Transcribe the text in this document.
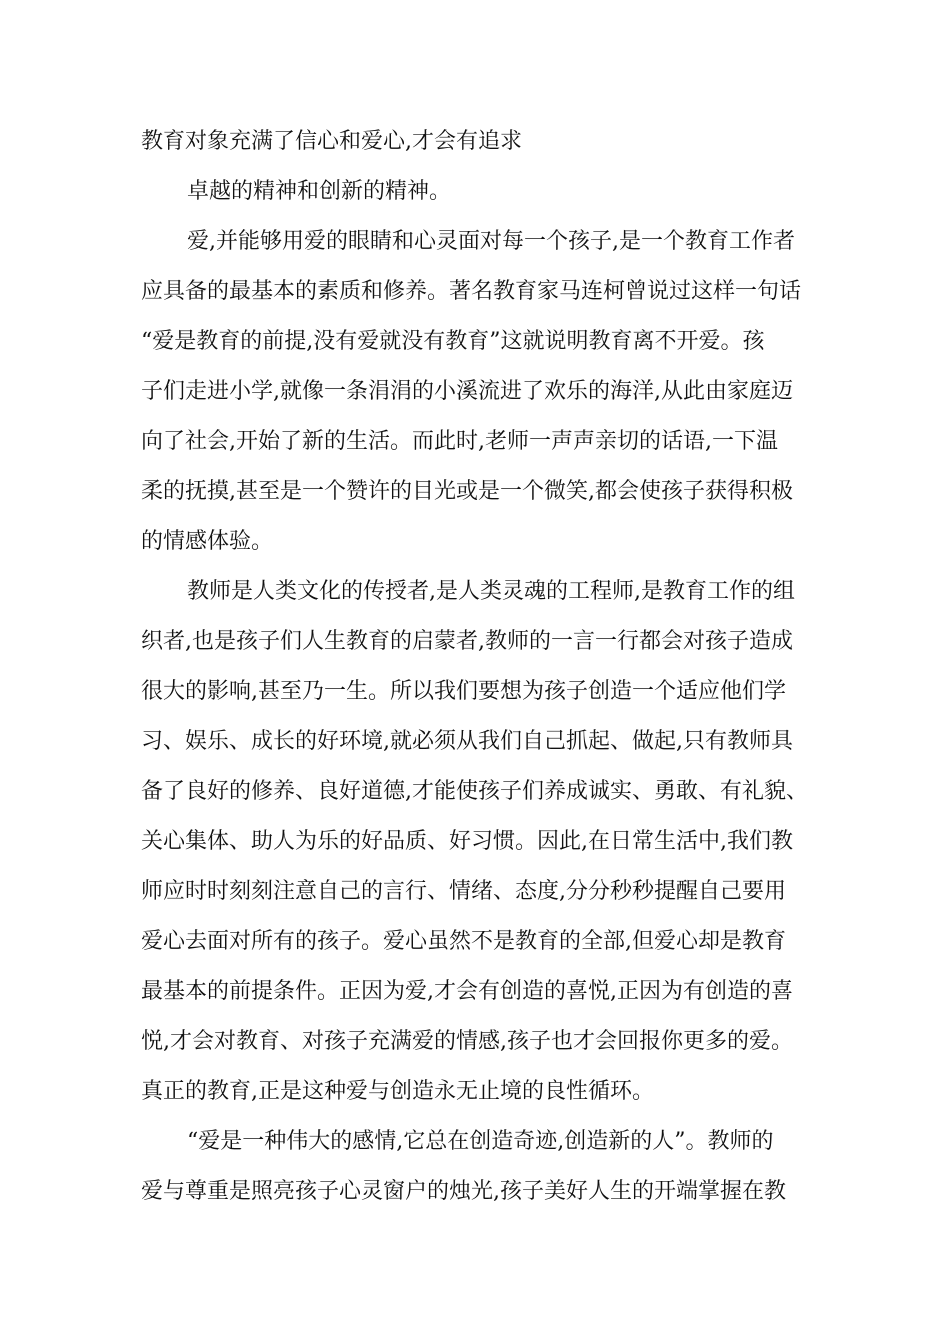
教育对象充满了信心和爱心,才会有追求

卓越的精神和创新的精神。

爱,并能够用爱的眼睛和心灵面对每一个孩子,是一个教育工作者

应具备的最基本的素质和修养。著名教育家马连柯曾说过这样一句话

“爱是教育的前提,没有爱就没有教育”这就说明教育离不开爱。孩

子们走进小学,就像一条涓涓的小溪流进了欢乐的海洋,从此由家庭迈

向了社会,开始了新的生活。而此时,老师一声声亲切的话语,一下温

柔的抚摸,甚至是一个赞许的目光或是一个微笑,都会使孩子获得积极

的情感体验。

教师是人类文化的传授者,是人类灵魂的工程师,是教育工作的组

织者,也是孩子们人生教育的启蒙者,教师的一言一行都会对孩子造成

很大的影响,甚至乃一生。所以我们要想为孩子创造一个适应他们学

习、娱乐、成长的好环境,就必须从我们自己抓起、做起,只有教师具

备了良好的修养、良好道德,才能使孩子们养成诚实、勇敢、有礼貌、

关心集体、助人为乐的好品质、好习惯。因此,在日常生活中,我们教

师应时时刻刻注意自己的言行、情绪、态度,分分秒秒提醒自己要用

爱心去面对所有的孩子。爱心虽然不是教育的全部,但爱心却是教育

最基本的前提条件。正因为爱,才会有创造的喜悦,正因为有创造的喜

悦,才会对教育、对孩子充满爱的情感,孩子也才会回报你更多的爱。

真正的教育,正是这种爱与创造永无止境的良性循环。

“爱是一种伟大的感情,它总在创造奇迹,创造新的人”。教师的

爱与尊重是照亮孩子心灵窗户的烛光,孩子美好人生的开端掌握在教
